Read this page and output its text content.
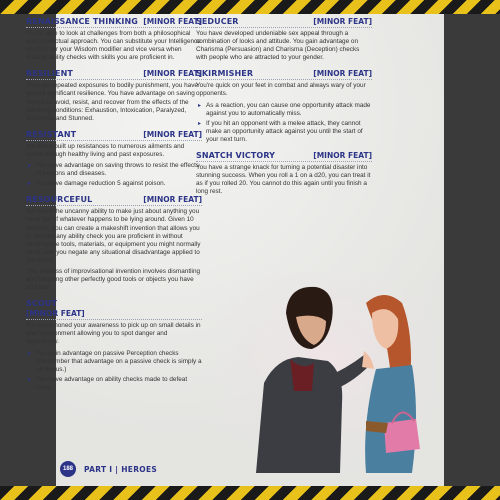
RENAISSANCE THINKING [MINOR FEAT]

You're able to look at challenges from both a philosophical and intellectual approach. You can substitute your Intelligence modifier for your Wisdom modifier and vice versa when making ability checks with skills you are proficient in.

RESILIENT	[MINOR FEAT]

Through repeated exposures to bodily punishment, you have gained significant resilience. You have advantage on saving throws to avoid, resist, and recover from the effects of the following conditions: Exhaustion, Intoxication, Paralyzed, Sickened, and Stunned.

RESISTANT	[MINOR FEAT]

You have built up resistances to numerous ailments and toxins through healthy living and past exposures.

▸ You have advantage on saving throws to resist the effects of poisons and diseases.
▸ You have damage reduction 5 against poison.
RESOURCEFUL	[MINOR FEAT]

You have the uncanny ability to make just about anything you need out of whatever happens to be lying around. Given 10 minutes, you can create a makeshift invention that allows you to attempt any ability check you are proficient in without needing the tools, materials, or equipment you might normally need, and you negate any situational disadvantage applied to the check.

This process of improvisational invention involves dismantling and breaking other perfectly good tools or objects you have on hand.

SCOUT
[MINOR FEAT]

You have honed your awareness to pick up on small details in your environment allowing you to spot danger and opportunity.

▸ You gain advantage on passive Perception checks (Remember that advantage on a passive check is simply a +5 bonus.)
▸ You have advantage on ability checks made to defeat traps.
SEDUCER	[MINOR FEAT]

You have developed undeniable sex appeal through a combination of looks and attitude. You gain advantage on Charisma (Persuasion) and Charisma (Deception) checks with people who are attracted to your gender.

SKIRMISHER	[MINOR FEAT]

You're quick on your feet in combat and always wary of your opponents.

▸ As a reaction, you can cause one opportunity attack made against you to automatically miss.
▸ If you hit an opponent with a melee attack, they cannot make an opportunity attack against you until the start of your next turn.
SNATCH VICTORY	[MINOR FEAT]

You have a strange knack for turning a potential disaster into stunning success. When you roll a 1 on a d20, you can treat it as if you rolled 20. You cannot do this again until you finish a long rest.

188	PART I | HEROES
